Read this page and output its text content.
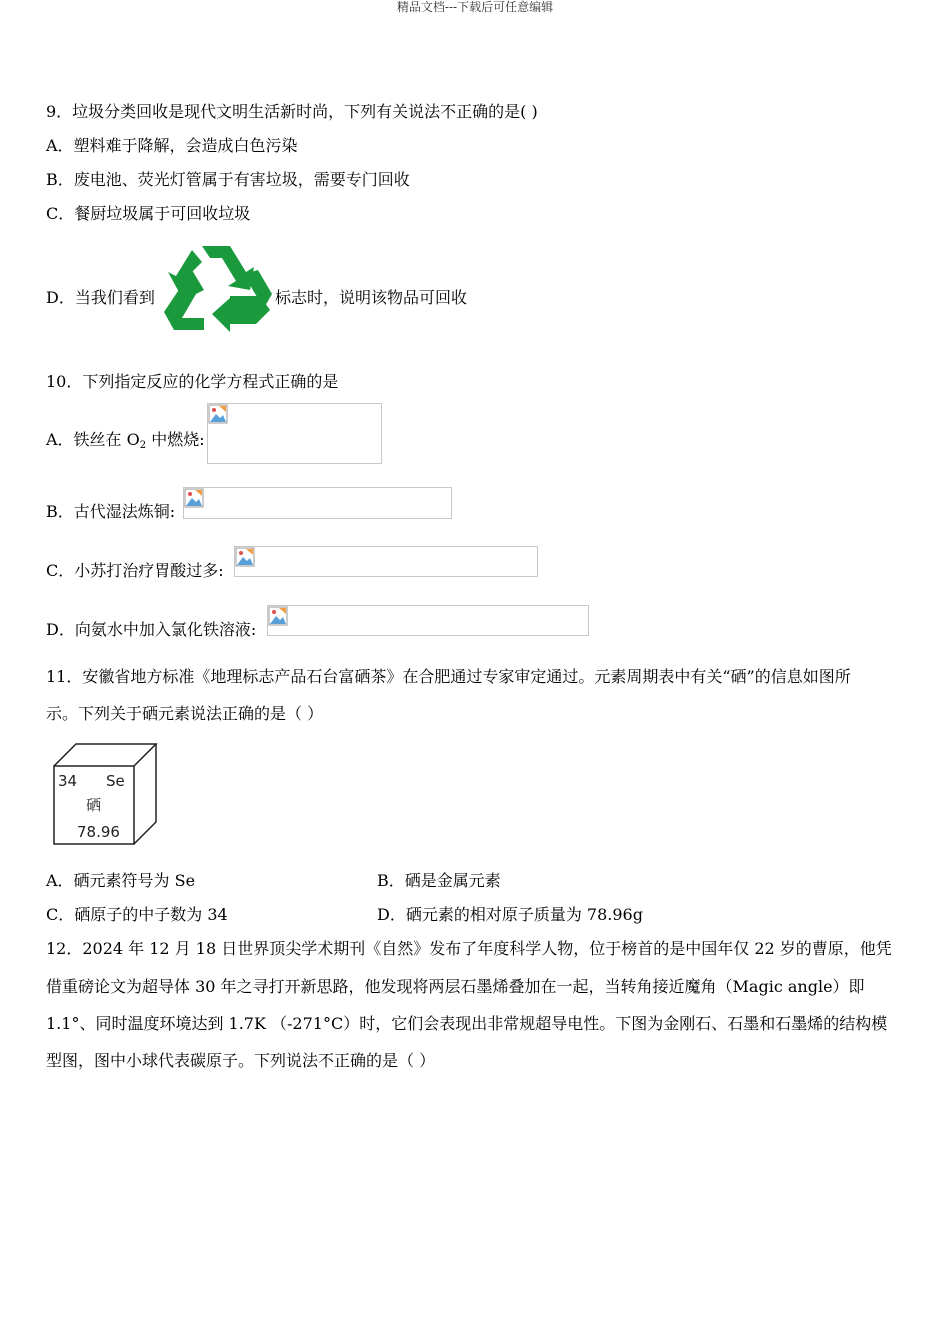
精品文档---下载后可任意编辑
9．垃圾分类回收是现代文明生活新时尚，下列有关说法不正确的是( )
A．塑料难于降解，会造成白色污染
B．废电池、荧光灯管属于有害垃圾，需要专门回收
C．餐厨垃圾属于可回收垃圾
D．当我们看到	标志时，说明该物品可回收
10．下列指定反应的化学方程式正确的是
A．铁丝在 $O_2$ 中燃烧:
B．古代湿法炼铜:
C．小苏打治疗胃酸过多:
D．向氨水中加入氯化铁溶液:
11．安徽省地方标准《地理标志产品石台富硒茶》在合肥通过专家审定通过。元素周期表中有关“硒”的信息如图所
示。下列关于硒元素说法正确的是（ ）
34 Se
硒
78.96
A．硒元素符号为 Se	B．硒是金属元素
C．硒原子的中子数为 34	D．硒元素的相对原子质量为 78.96g
12．2024 年 12 月 18 日世界顶尖学术期刊《自然》发布了年度科学人物，位于榜首的是中国年仅 22 岁的曹原，他凭
借重磅论文为超导体 30 年之寻打开新思路，他发现将两层石墨烯叠加在一起，当转角接近魔角（Magic angle）即
1.1°、同时温度环境达到 1.7K （-271°C）时，它们会表现出非常规超导电性。下图为金刚石、石墨和石墨烯的结构模
型图，图中小球代表碳原子。下列说法不正确的是（ ）
